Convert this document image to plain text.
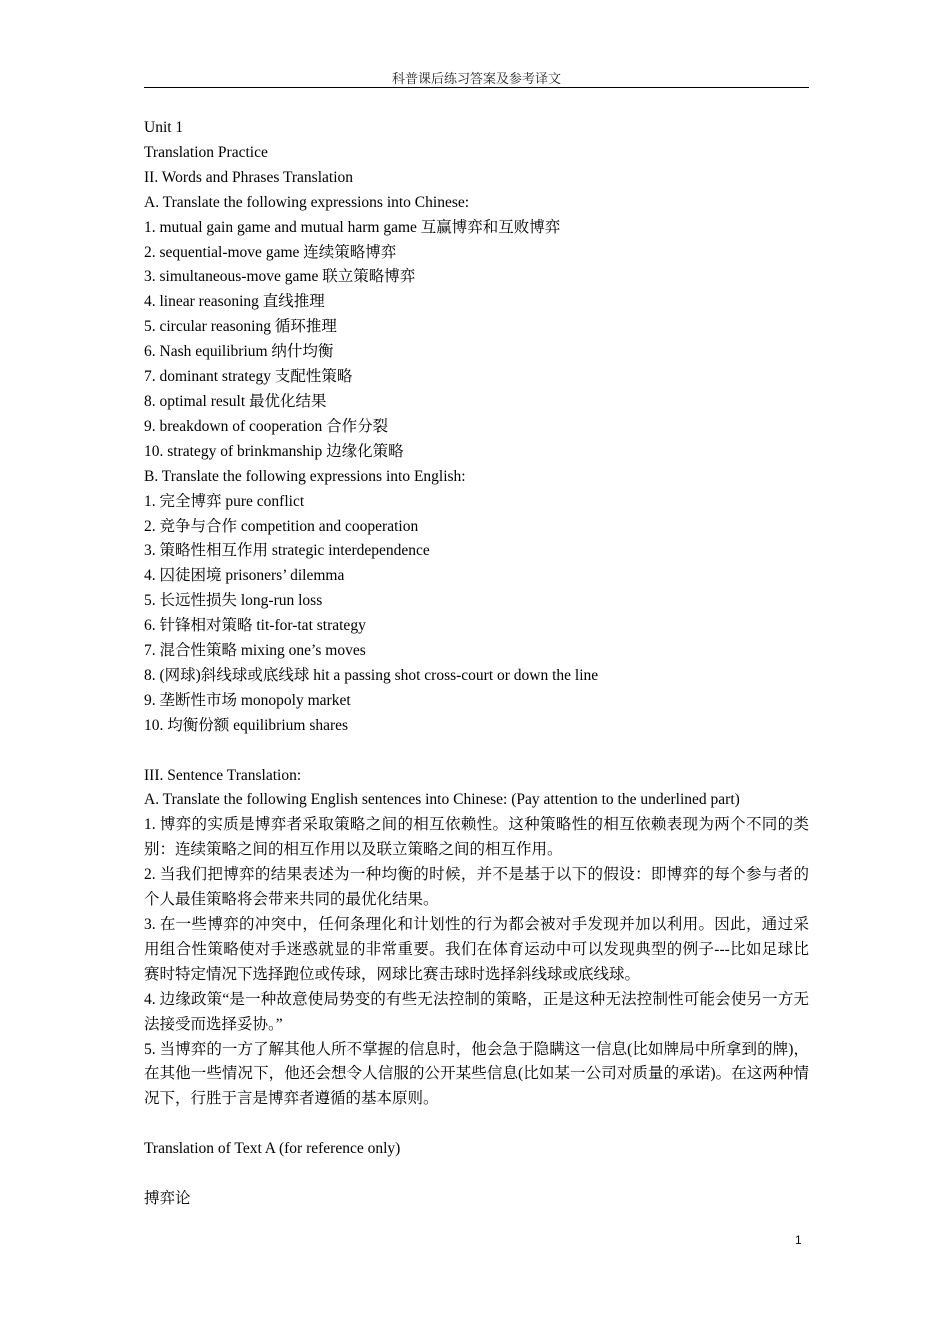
科普课后练习答案及参考译文
Unit 1
Translation Practice
II. Words and Phrases Translation
A. Translate the following expressions into Chinese:
1. mutual gain game and mutual harm game 互赢博弈和互败博弈
2. sequential-move game 连续策略博弈
3. simultaneous-move game 联立策略博弈
4. linear reasoning 直线推理
5. circular reasoning 循环推理
6. Nash equilibrium 纳什均衡
7. dominant strategy 支配性策略
8. optimal result 最优化结果
9. breakdown of cooperation 合作分裂
10. strategy of brinkmanship 边缘化策略
B. Translate the following expressions into English:
1. 完全博弈 pure conflict
2. 竞争与合作 competition and cooperation
3. 策略性相互作用 strategic interdependence
4. 囚徒困境 prisoners’ dilemma
5. 长远性损失 long-run loss
6. 针锋相对策略 tit-for-tat strategy
7. 混合性策略 mixing one’s moves
8. (网球)斜线球或底线球 hit a passing shot cross-court or down the line
9. 垄断性市场 monopoly market
10. 均衡份额 equilibrium shares
III. Sentence Translation:
A. Translate the following English sentences into Chinese: (Pay attention to the underlined part)
1. 博弈的实质是博弈者采取策略之间的相互依赖性。这种策略性的相互依赖表现为两个不同的类别：连续策略之间的相互作用以及联立策略之间的相互作用。
2. 当我们把博弈的结果表述为一种均衡的时候，并不是基于以下的假设：即博弈的每个参与者的个人最佳策略将会带来共同的最优化结果。
3. 在一些博弈的冲突中，任何条理化和计划性的行为都会被对手发现并加以利用。因此，通过采用组合性策略使对手迷惑就显的非常重要。我们在体育运动中可以发现典型的例子---比如足球比赛时特定情况下选择跑位或传球，网球比赛击球时选择斜线球或底线球。
4. 边缘政策“是一种故意使局势变的有些无法控制的策略，正是这种无法控制性可能会使另一方无法接受而选择妥协。”
5. 当博弈的一方了解其他人所不掌握的信息时，他会急于隐瞒这一信息(比如牌局中所拿到的牌)，在其他一些情况下，他还会想令人信服的公开某些信息(比如某一公司对质量的承诺)。在这两种情况下，行胜于言是博弈者遵循的基本原则。
Translation of Text A (for reference only)
搏弈论
1
